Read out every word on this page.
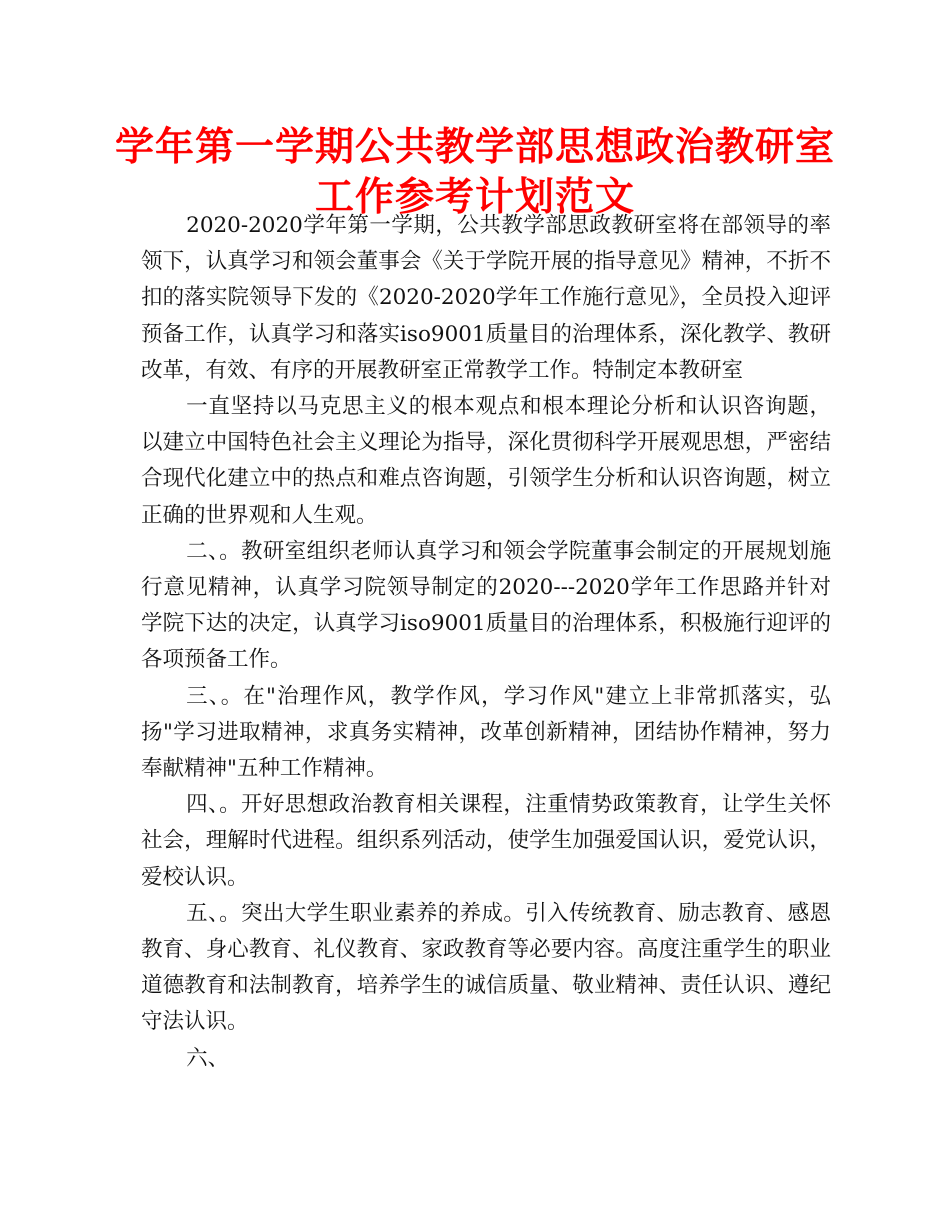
学年第一学期公共教学部思想政治教研室
工作参考计划范文

2020-2020学年第一学期，公共教学部思政教研室将在部领导的率领下，认真学习和领会董事会《关于学院开展的指导意见》精神，不折不扣的落实院领导下发的《2020-2020学年工作施行意见》，全员投入迎评预备工作，认真学习和落实iso9001质量目的治理体系，深化教学、教研改革，有效、有序的开展教研室正常教学工作。特制定本教研室

一直坚持以马克思主义的根本观点和根本理论分析和认识咨询题，以建立中国特色社会主义理论为指导，深化贯彻科学开展观思想，严密结合现代化建立中的热点和难点咨询题，引领学生分析和认识咨询题，树立正确的世界观和人生观。

二、。教研室组织老师认真学习和领会学院董事会制定的开展规划施行意见精神，认真学习院领导制定的2020---2020学年工作思路并针对学院下达的决定，认真学习iso9001质量目的治理体系，积极施行迎评的各项预备工作。

三、。在"治理作风，教学作风，学习作风"建立上非常抓落实，弘扬"学习进取精神，求真务实精神，改革创新精神，团结协作精神，努力奉献精神"五种工作精神。

四、。开好思想政治教育相关课程，注重情势政策教育，让学生关怀社会，理解时代进程。组织系列活动，使学生加强爱国认识，爱党认识，爱校认识。

五、。突出大学生职业素养的养成。引入传统教育、励志教育、感恩教育、身心教育、礼仪教育、家政教育等必要内容。高度注重学生的职业道德教育和法制教育，培养学生的诚信质量、敬业精神、责任认识、遵纪守法认识。

六、
